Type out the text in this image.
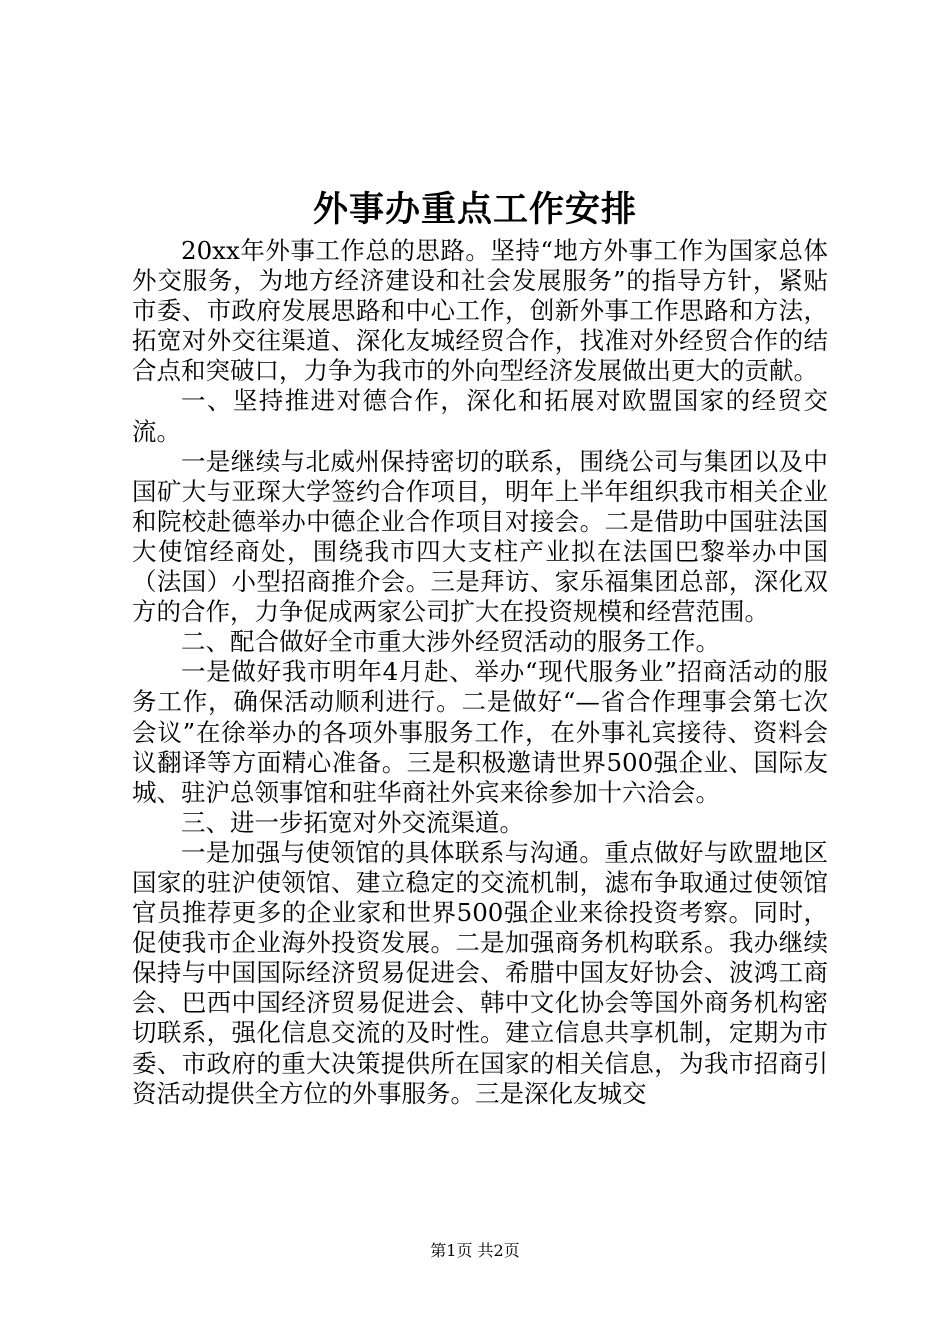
外事办重点工作安排

20xx年外事工作总的思路。坚持“地方外事工作为国家总体外交服务，为地方经济建设和社会发展服务”的指导方针，紧贴市委、市政府发展思路和中心工作，创新外事工作思路和方法，拓宽对外交往渠道、深化友城经贸合作，找准对外经贸合作的结合点和突破口，力争为我市的外向型经济发展做出更大的贡献。

一、坚持推进对德合作，深化和拓展对欧盟国家的经贸交流。

一是继续与北威州保持密切的联系，围绕公司与集团以及中国矿大与亚琛大学签约合作项目，明年上半年组织我市相关企业和院校赴德举办中德企业合作项目对接会。二是借助中国驻法国大使馆经商处，围绕我市四大支柱产业拟在法国巴黎举办中国（法国）小型招商推介会。三是拜访、家乐福集团总部，深化双方的合作，力争促成两家公司扩大在投资规模和经营范围。

二、配合做好全市重大涉外经贸活动的服务工作。

一是做好我市明年4月赴、举办“现代服务业”招商活动的服务工作，确保活动顺利进行。二是做好“—省合作理事会第七次会议”在徐举办的各项外事服务工作，在外事礼宾接待、资料会议翻译等方面精心准备。三是积极邀请世界500强企业、国际友城、驻沪总领事馆和驻华商社外宾来徐参加十六洽会。

三、进一步拓宽对外交流渠道。

一是加强与使领馆的具体联系与沟通。重点做好与欧盟地区国家的驻沪使领馆、建立稳定的交流机制，滤布争取通过使领馆官员推荐更多的企业家和世界500强企业来徐投资考察。同时，促使我市企业海外投资发展。二是加强商务机构联系。我办继续保持与中国国际经济贸易促进会、希腊中国友好协会、波鸿工商会、巴西中国经济贸易促进会、韩中文化协会等国外商务机构密切联系，强化信息交流的及时性。建立信息共享机制，定期为市委、市政府的重大决策提供所在国家的相关信息，为我市招商引资活动提供全方位的外事服务。三是深化友城交

第1页 共2页
